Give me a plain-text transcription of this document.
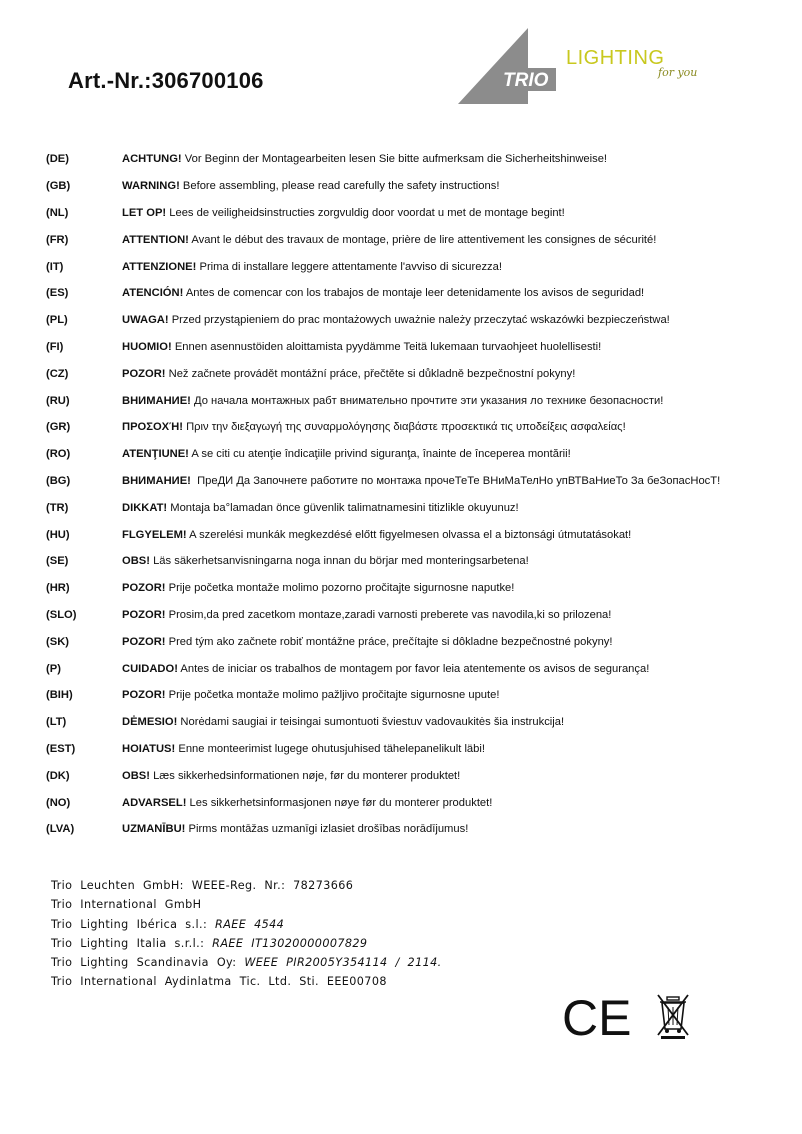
Art.-Nr.:306700106	TRIO
LIGHTING
for you
(DE)	ACHTUNG! Vor Beginn der Montagearbeiten lesen Sie bitte aufmerksam die Sicherheitshinweise!
(GB)	WARNING! Before assembling, please read carefully the safety instructions!
(NL)	LET OP! Lees de veiligheidsinstructies zorgvuldig door voordat u met de montage begint!
(FR)	ATTENTION! Avant le début des travaux de montage, prière de lire attentivement les consignes de sécurité!
(IT)	ATTENZIONE! Prima di installare leggere attentamente l'avviso di sicurezza!
(ES)	ATENCIÓN! Antes de comencar con los trabajos de montaje leer detenidamente los avisos de seguridad!
(PL)	UWAGA! Przed przystąpieniem do prac montażowych uważnie należy przeczytać wskazówki bezpieczeństwa!
(FI)	HUOMIO! Ennen asennustöiden aloittamista pyydämme Teitä lukemaan turvaohjeet huolellisesti!
(CZ)	POZOR! Než začnete provádět montážní práce, přečtěte si důkladně bezpečnostní pokyny!
(RU)	ВНИМАНИЕ! До начала монтажных рабт внимательно прочтите эти указания ло технике безопасности!
(GR)	ΠΡΟΣΟΧΉ! Πριν την διεξαγωγή της συναρμολόγησης διαβάστε προσεκτικά τις υποδείξεις ασφαλείας!
(RO)	ATENŢIUNE! A se citi cu atenţie îndicaţiile privind siguranţa, înainte de începerea montării!
(BG)	ВНИМАНИЕ!  ПреДИ Да Започнете работите по монтажа прочеТеТе ВНиМаТелНо упВТВаНиеТо За беЗопасНосТ!
(TR)	DIKKAT! Montaja ba°lamadan önce güvenlik talimatnamesini titizlikle okuyunuz!
(HU)	FLGYELEM! A szerelési munkák megkezdésé előtt figyelmesen olvassa el a biztonsági útmutatásokat!
(SE)	OBS! Läs säkerhetsanvisningarna noga innan du börjar med monteringsarbetena!
(HR)	POZOR! Prije početka montaže molimo pozorno pročitajte sigurnosne naputke!
(SLO)	POZOR! Prosim,da pred zacetkom montaze,zaradi varnosti preberete vas navodila,ki so prilozena!
(SK)	POZOR! Pred tým ako začnete robiť montážne práce, prečítajte si dôkladne bezpečnostné pokyny!
(P)	CUIDADO! Antes de iniciar os trabalhos de montagem por favor leia atentemente os avisos de segurança!
(BIH)	POZOR! Prije početka montaže molimo pažljivo pročitajte sigurnosne upute!
(LT)	DĖMESIO! Norėdami saugiai ir teisingai sumontuoti šviestuv vadovaukitės šia instrukcija!
(EST)	HOIATUS! Enne monteerimist lugege ohutusjuhised tähelepanelikult läbi!
(DK)	OBS! Læs sikkerhedsinformationen nøje, før du monterer produktet!
(NO)	ADVARSEL! Les sikkerhetsinformasjonen nøye før du monterer produktet!
(LVA)	UZMANĪBU! Pirms montāžas uzmanīgi izlasiet drošības norādījumus!
Trio  Leuchten  GmbH:  WEEE-Reg.  Nr.:  78273666
Trio  International  GmbH
Trio  Lighting  Ibérica  s.l.:  RAEE  4544
Trio  Lighting  Italia  s.r.l.:  RAEE  IT13020000007829
Trio  Lighting  Scandinavia  Oy:  WEEE  PIR2005Y354114  /  2114.
Trio  International  Aydinlatma  Tic.  Ltd.  Sti.  EEE00708
CE
